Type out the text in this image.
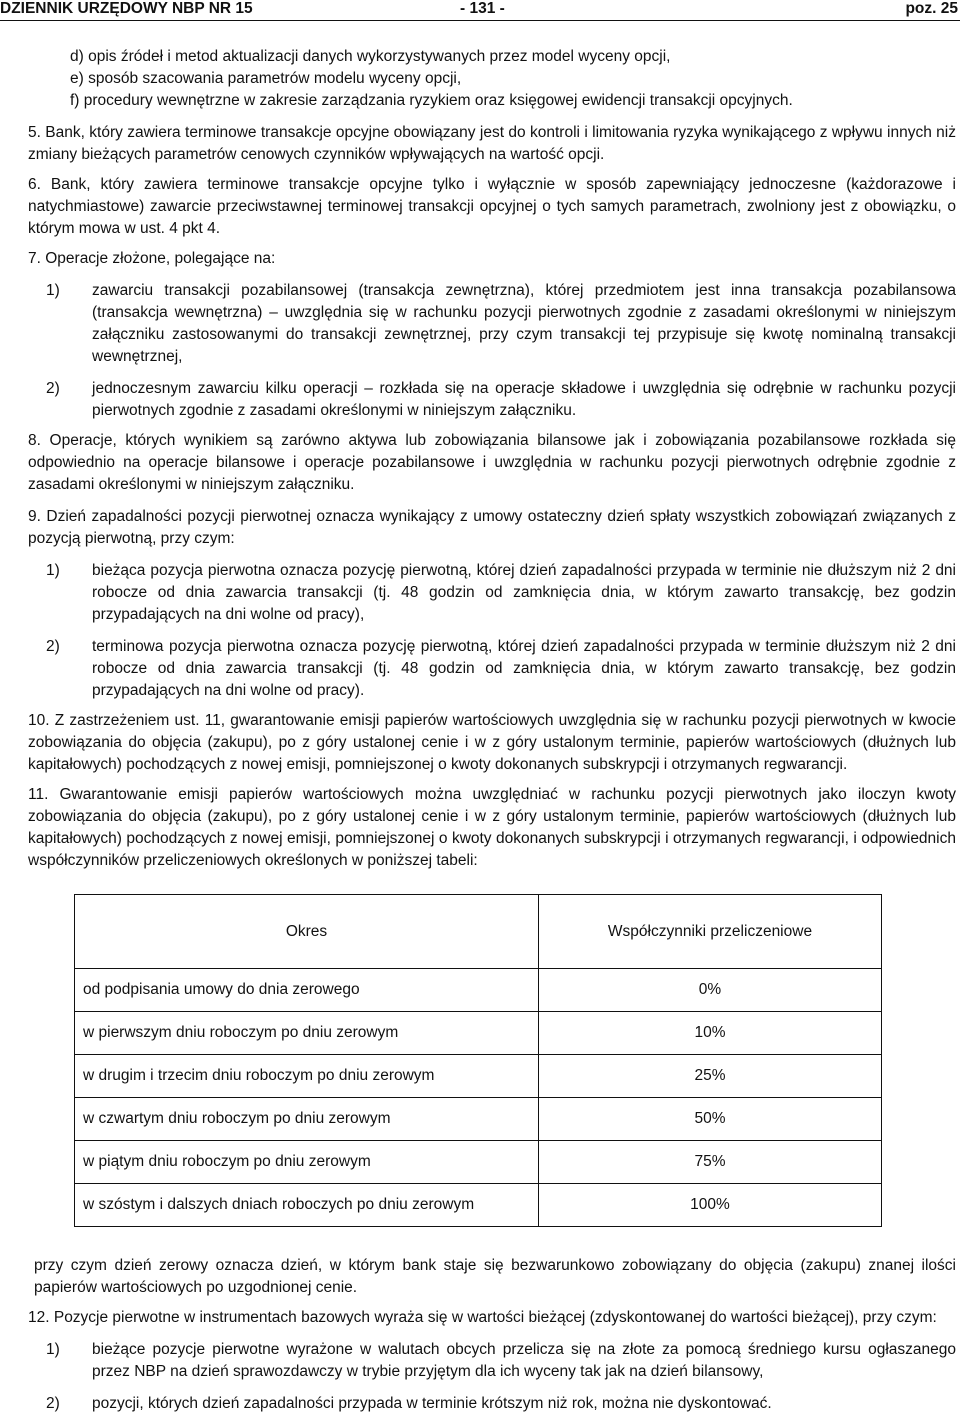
DZIENNIK URZĘDOWY NBP NR 15	- 131 -	poz. 25

d) opis źródeł i metod aktualizacji danych wykorzystywanych przez model wyceny opcji,

e) sposób szacowania parametrów modelu wyceny opcji,

f) procedury wewnętrzne w zakresie zarządzania ryzykiem oraz księgowej ewidencji transakcji opcyjnych.

5. Bank, który zawiera terminowe transakcje opcyjne obowiązany jest do kontroli i limitowania ryzyka wynikającego z wpływu innych niż zmiany bieżących parametrów cenowych czynników wpływających na wartość opcji.

6. Bank, który zawiera terminowe transakcje opcyjne tylko i wyłącznie w sposób zapewniający jednoczesne (każdorazowe i natychmiastowe) zawarcie przeciwstawnej terminowej transakcji opcyjnej o tych samych parametrach, zwolniony jest z obowiązku, o którym mowa w ust. 4 pkt 4.

7. Operacje złożone, polegające na:

1)	zawarciu transakcji pozabilansowej (transakcja zewnętrzna), której przedmiotem jest inna transakcja pozabilansowa (transakcja wewnętrzna) – uwzględnia się w rachunku pozycji pierwotnych zgodnie z zasadami określonymi w niniejszym załączniku zastosowanymi do transakcji zewnętrznej, przy czym transakcji tej przypisuje się kwotę nominalną transakcji wewnętrznej,
2)	jednoczesnym zawarciu kilku operacji – rozkłada się na operacje składowe i uwzględnia się odrębnie w rachunku pozycji pierwotnych zgodnie z zasadami określonymi w niniejszym załączniku.

8. Operacje, których wynikiem są zarówno aktywa lub zobowiązania bilansowe jak i zobowiązania pozabilansowe rozkłada się odpowiednio na operacje bilansowe i operacje pozabilansowe i uwzględnia w rachunku pozycji pierwotnych odrębnie zgodnie z zasadami określonymi w niniejszym załączniku.

9. Dzień zapadalności pozycji pierwotnej oznacza wynikający z umowy ostateczny dzień spłaty wszystkich zobowiązań związanych z pozycją pierwotną, przy czym:

1)	bieżąca pozycja pierwotna oznacza pozycję pierwotną, której dzień zapadalności przypada w terminie nie dłuższym niż 2 dni robocze od dnia zawarcia transakcji (tj. 48 godzin od zamknięcia dnia, w którym zawarto transakcję, bez godzin przypadających na dni wolne od pracy),
2)	terminowa pozycja pierwotna oznacza pozycję pierwotną, której dzień zapadalności przypada w terminie dłuższym niż 2 dni robocze od dnia zawarcia transakcji (tj. 48 godzin od zamknięcia dnia, w którym zawarto transakcję, bez godzin przypadających na dni wolne od pracy).

10. Z zastrzeżeniem ust. 11, gwarantowanie emisji papierów wartościowych uwzględnia się w rachunku pozycji pierwotnych w kwocie zobowiązania do objęcia (zakupu), po z góry ustalonej cenie i w z góry ustalonym terminie, papierów wartościowych (dłużnych lub kapitałowych) pochodzących z nowej emisji, pomniejszonej o kwoty dokonanych subskrypcji i otrzymanych regwarancji.

11. Gwarantowanie emisji papierów wartościowych można uwzględniać w rachunku pozycji pierwotnych jako iloczyn kwoty zobowiązania do objęcia (zakupu), po z góry ustalonej cenie i w z góry ustalonym terminie, papierów wartościowych (dłużnych lub kapitałowych) pochodzących z nowej emisji, pomniejszonej o kwoty dokonanych subskrypcji i otrzymanych regwarancji, i odpowiednich współczynników przeliczeniowych określonych w poniższej tabeli:

Okres	Współczynniki przeliczeniowe
od podpisania umowy do dnia zerowego	0%
w pierwszym dniu roboczym po dniu zerowym	10%
w drugim i trzecim dniu roboczym po dniu zerowym	25%
w czwartym dniu roboczym po dniu zerowym	50%
w piątym dniu roboczym po dniu zerowym	75%
w szóstym i dalszych dniach roboczych po dniu zerowym	100%

przy czym dzień zerowy oznacza dzień, w którym bank staje się bezwarunkowo zobowiązany do objęcia (zakupu) znanej ilości papierów wartościowych po uzgodnionej cenie.

12. Pozycje pierwotne w instrumentach bazowych wyraża się w wartości bieżącej (zdyskontowanej do wartości bieżącej), przy czym:

1)	bieżące pozycje pierwotne wyrażone w walutach obcych przelicza się na złote za pomocą średniego kursu ogłaszanego przez NBP na dzień sprawozdawczy w trybie przyjętym dla ich wyceny tak jak na dzień bilansowy,
2)	pozycji, których dzień zapadalności przypada w terminie krótszym niż rok, można nie dyskontować.
